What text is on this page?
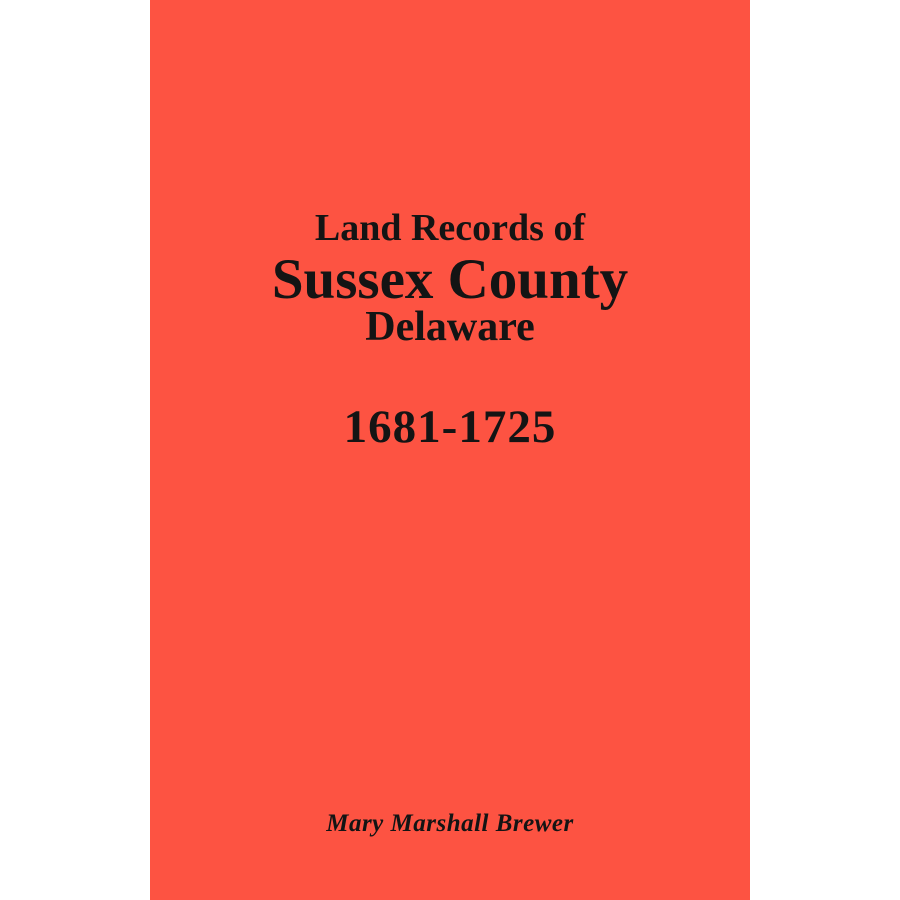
Land Records of
Sussex County
Delaware
1681-1725
Mary Marshall Brewer
